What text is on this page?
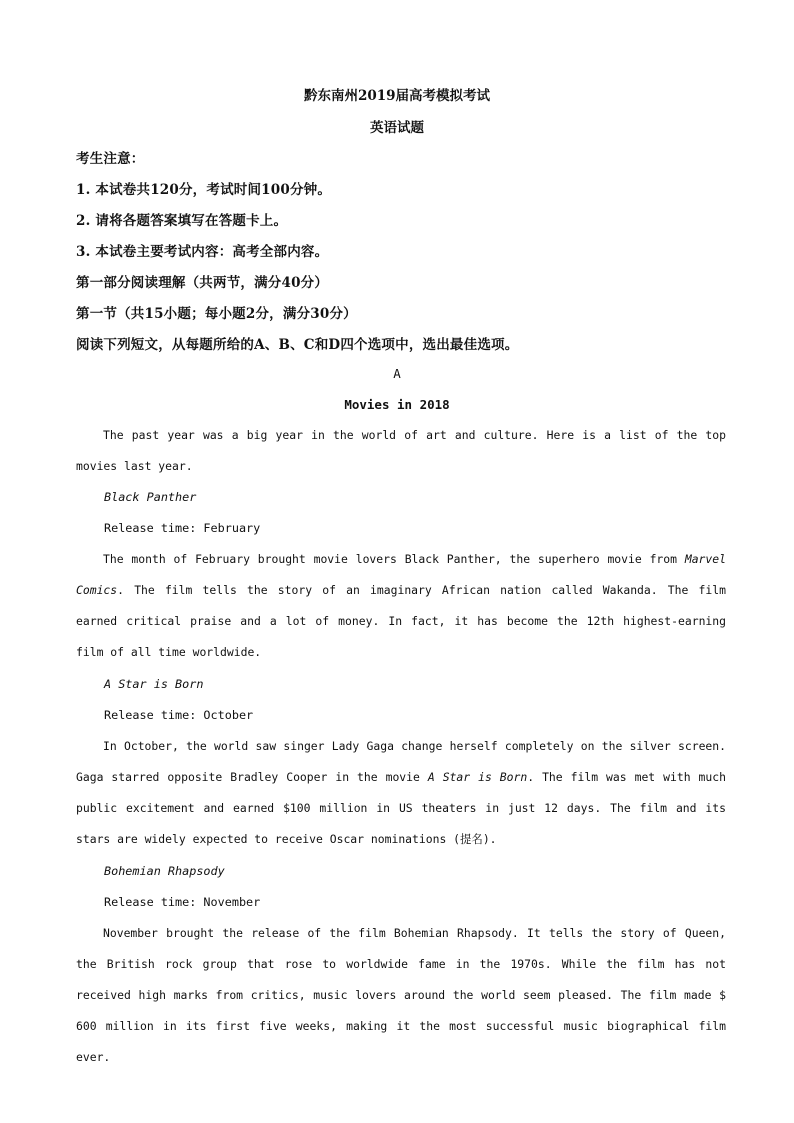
黔东南州2019届高考模拟考试
英语试题
考生注意：
1. 本试卷共120分，考试时间100分钟。
2. 请将各题答案填写在答题卡上。
3. 本试卷主要考试内容：高考全部内容。
第一部分阅读理解（共两节，满分40分）
第一节（共15小题；每小题2分，满分30分）
阅读下列短文，从每题所给的A、B、C和D四个选项中，选出最佳选项。
A
Movies in 2018

The past year was a big year in the world of art and culture. Here is a list of the top movies last year.

Black Panther
Release time: February

The month of February brought movie lovers Black Panther, the superhero movie from Marvel Comics. The film tells the story of an imaginary African nation called Wakanda. The film earned critical praise and a lot of money. In fact, it has become the 12th highest-earning film of all time worldwide.

A Star is Born
Release time: October

In October, the world saw singer Lady Gaga change herself completely on the silver screen. Gaga starred opposite Bradley Cooper in the movie A Star is Born. The film was met with much public excitement and earned $100 million in US theaters in just 12 days. The film and its stars are widely expected to receive Oscar nominations (提名).

Bohemian Rhapsody
Release time: November

November brought the release of the film Bohemian Rhapsody. It tells the story of Queen, the British rock group that rose to worldwide fame in the 1970s. While the film has not received high marks from critics, music lovers around the world seem pleased. The film made $ 600 million in its first five weeks, making it the most successful music biographical film ever.
